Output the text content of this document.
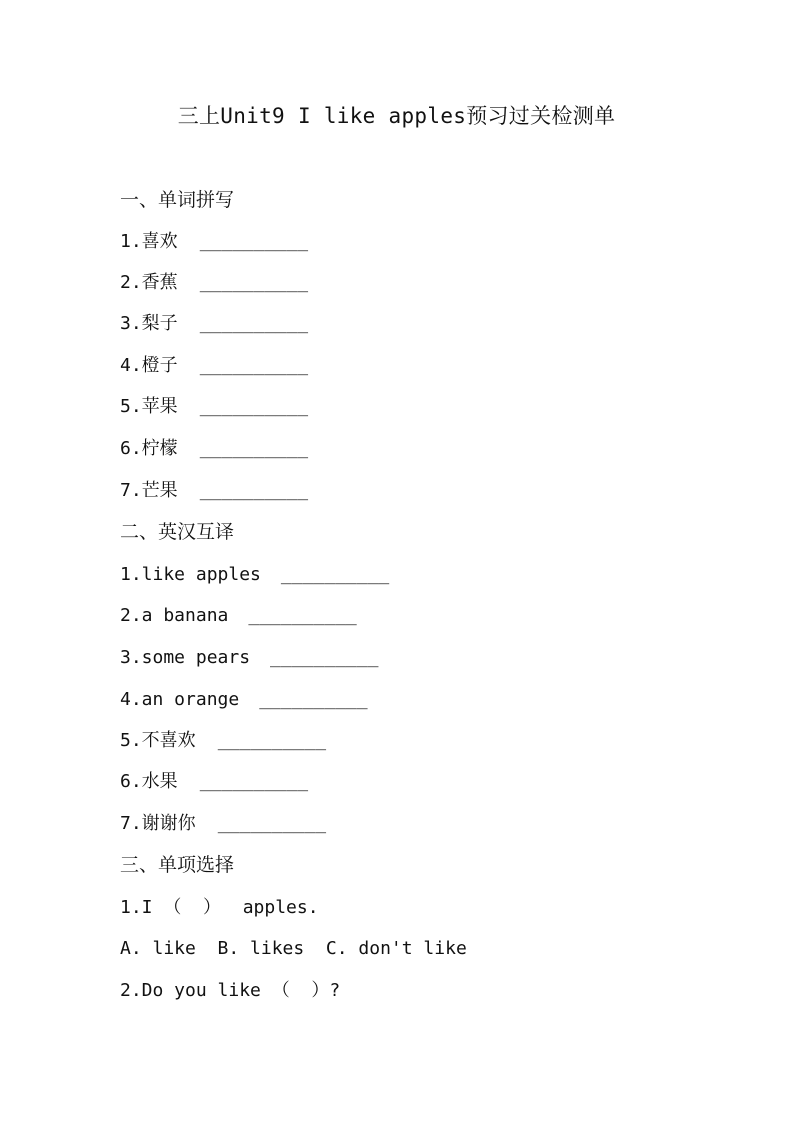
三上Unit9 I like apples预习过关检测单
一、单词拼写
1.喜欢 __________
2.香蕉 __________
3.梨子 __________
4.橙子 __________
5.苹果 __________
6.柠檬 __________
7.芒果 __________
二、英汉互译
1.like apples __________
2.a banana __________
3.some pears __________
4.an orange __________
5.不喜欢 __________
6.水果 __________
7.谢谢你 __________
三、单项选择
1.I （  ）  apples.
A. like  B. likes  C. don't like
2.Do you like （  ）?
